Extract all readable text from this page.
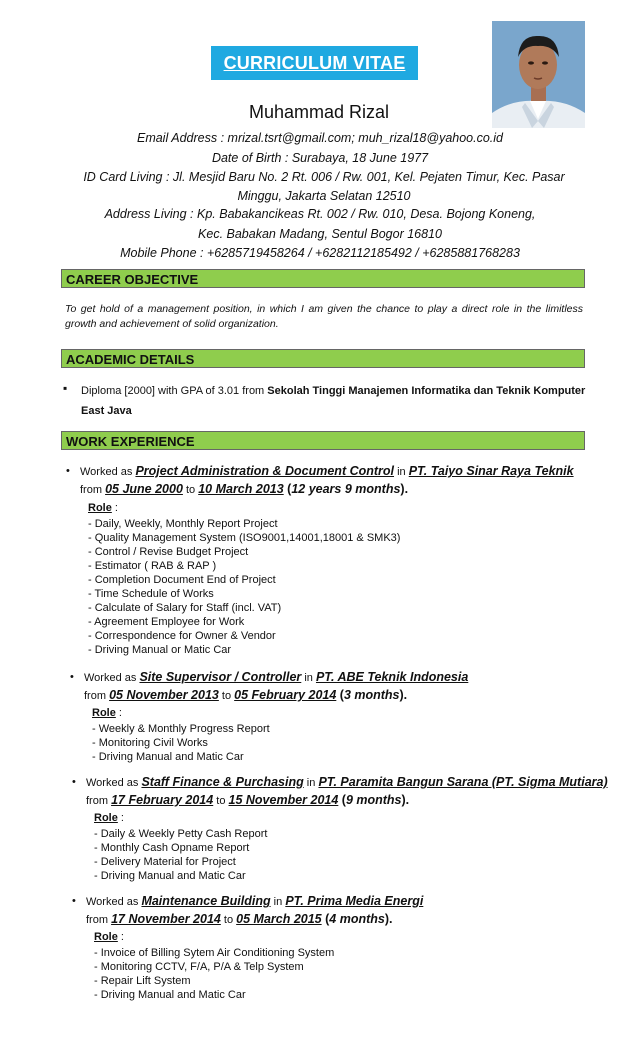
CURRICULUM VITAE
Muhammad Rizal
Email Address : mrizal.tsrt@gmail.com; muh_rizal18@yahoo.co.id
Date of Birth : Surabaya, 18 June 1977
ID Card Living : Jl. Mesjid Baru No. 2 Rt. 006 / Rw. 001, Kel. Pejaten Timur, Kec. Pasar Minggu, Jakarta Selatan 12510
Address Living : Kp. Babakancikeas Rt. 002 / Rw. 010, Desa. Bojong Koneng,
Kec. Babakan Madang, Sentul Bogor 16810
Mobile Phone : +6285719458264 / +6282112185492 / +6285881768283
CAREER OBJECTIVE
To get hold of a management position, in which I am given the chance to play a direct role in the limitless growth and achievement of solid organization.
ACADEMIC DETAILS
▪ Diploma [2000] with GPA of 3.01 from Sekolah Tinggi Manajemen Informatika dan Teknik Komputer
East Java
WORK EXPERIENCE
• Worked as Project Administration & Document Control in PT. Taiyo Sinar Raya Teknik
from 05 June 2000 to 10 March 2013 (12 years 9 months).
Role :
- Daily, Weekly, Monthly Report Project
- Quality Management System (ISO9001,14001,18001 & SMK3)
- Control / Revise Budget Project
- Estimator ( RAB & RAP )
- Completion Document End of Project
- Time Schedule of Works
- Calculate of Salary for Staff (incl. VAT)
- Agreement Employee for Work
- Correspondence for Owner & Vendor
- Driving Manual or Matic Car
• Worked as Site Supervisor / Controller in PT. ABE Teknik Indonesia
from 05 November 2013 to 05 February 2014 (3 months).
Role :
- Weekly & Monthly Progress Report
- Monitoring Civil Works
- Driving Manual and Matic Car
• Worked as Staff Finance & Purchasing in PT. Paramita Bangun Sarana (PT. Sigma Mutiara)
from 17 February 2014 to 15 November 2014 (9 months).
Role :
- Daily & Weekly Petty Cash Report
- Monthly Cash Opname Report
- Delivery Material for Project
- Driving Manual and Matic Car
• Worked as Maintenance Building in PT. Prima Media Energi
from 17 November 2014 to 05 March 2015 (4 months).
Role :
- Invoice of Billing Sytem Air Conditioning System
- Monitoring CCTV, F/A, P/A & Telp System
- Repair Lift System
- Driving Manual and Matic Car
